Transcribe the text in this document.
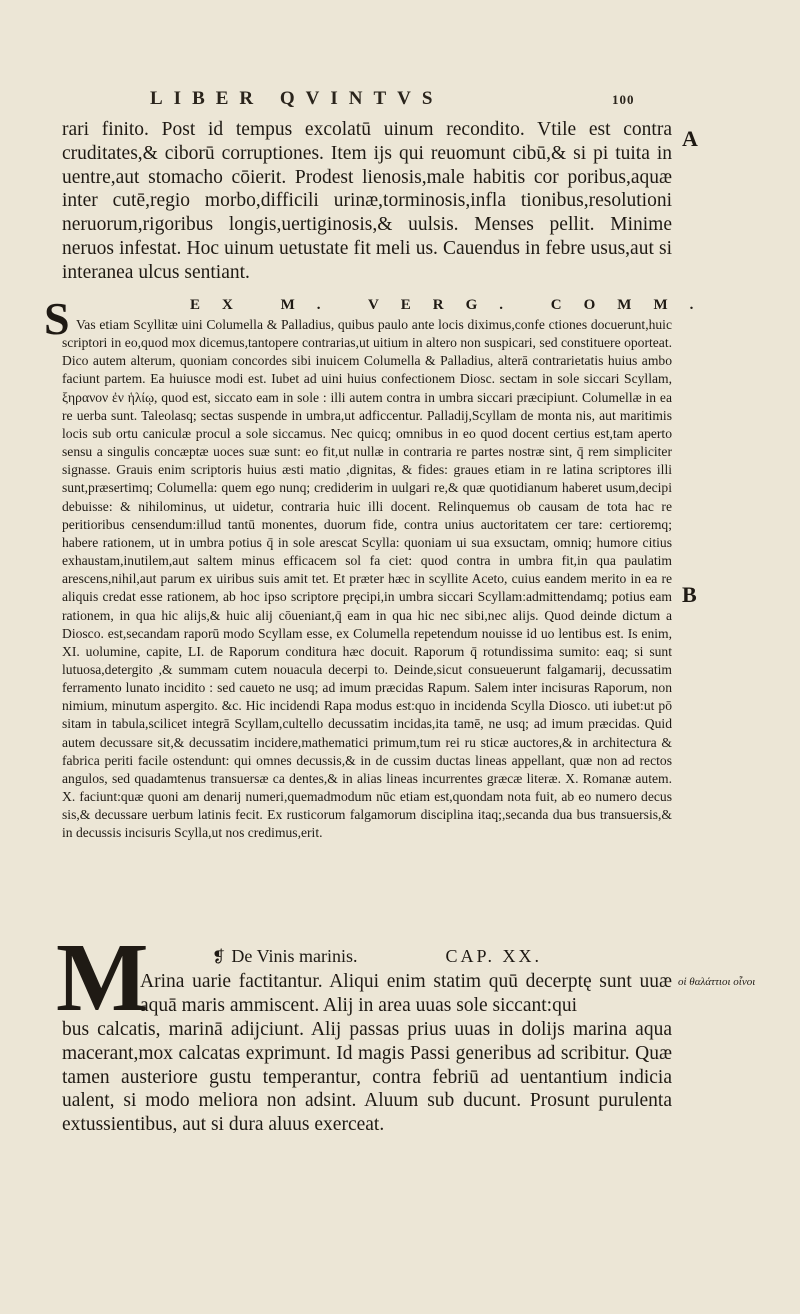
LIBER QVINTVS	100

rari finito. Post id tempus excolatū uinum recondito. Vtile est contra cruditates,& ciborū corruptiones. Item ijs qui reuomunt cibū,& si pi tuita in uentre,aut stomacho cōierit. Prodest lienosis,male habitis cor poribus,aquæ inter cutē,regio morbo,difficili urinæ,torminosis,infla tionibus,resolutioni neruorum,rigoribus longis,uertiginosis,& uulsis. Menses pellit. Minime neruos infestat. Hoc uinum uetustate fit meli us. Cauendus in febre usus,aut si interanea ulcus sentiant.

A
S	EX M. VERG. COMM.

Vas etiam Scyllitæ uini Columella & Palladius, quibus paulo ante locis diximus,confe ctiones docuerunt,huic scriptori in eo,quod mox dicemus,tantopere contrarias,ut uitium in altero non suspicari, sed constituere oporteat. Dico autem alterum, quoniam concordes sibi inuicem Columella & Palladius, alterā contrarietatis huius ambo faciunt partem. Ea huiusce modi est. Iubet ad uini huius confectionem Diosc. sectam in sole siccari Scyllam, ξηρανον ἐν ἡλίῳ, quod est, siccato eam in sole : illi autem contra in umbra siccari præcipiunt. Columellæ in ea re uerba sunt. Taleolasq; sectas suspende in umbra,ut adficcentur. Palladij,Scyllam de monta nis, aut maritimis locis sub ortu caniculæ procul a sole siccamus. Nec quicq; omnibus in eo quod docent certius est,tam aperto sensu a singulis concæptæ uoces suæ sunt: eo fit,ut nullæ in contraria re partes nostræ sint, q̄ rem simpliciter signasse. Grauis enim scriptoris huius æsti matio ,dignitas, & fides: graues etiam in re latina scriptores illi sunt,præsertimq; Columella: quem ego nunq; crediderim in uulgari re,& quæ quotidianum haberet usum,decipi debuisse: & nihilominus, ut uidetur, contraria huic illi docent. Relinquemus ob causam de tota hac re peritioribus censendum:illud tantū monentes, duorum fide, contra unius auctoritatem cer tare: certioremq; habere rationem, ut in umbra potius q̄ in sole arescat Scylla: quoniam ui sua exsuctam, omniq; humore citius exhaustam,inutilem,aut saltem minus efficacem sol fa ciet: quod contra in umbra fit,in qua paulatim arescens,nihil,aut parum ex uiribus suis amit tet. Et præter hæc in scyllite Aceto, cuius eandem merito in ea re aliquis credat esse rationem, ab hoc ipso scriptore pręcipi,in umbra siccari Scyllam:admittendamq; potius eam rationem, in qua hic alijs,& huic alij cōueniant,q̄ eam in qua hic nec sibi,nec alijs. Quod deinde dictum a Diosco. est,secandam raporū modo Scyllam esse, ex Columella repetendum nouisse id uo lentibus est. Is enim, XI. uolumine, capite, LI. de Raporum conditura hæc docuit. Raporum q̄ rotundissima sumito: eaq; si sunt lutuosa,detergito ,& summam cutem nouacula decerpi to. Deinde,sicut consueuerunt falgamarij, decussatim ferramento lunato incidito : sed caueto ne usq; ad imum præcidas Rapum. Salem inter incisuras Raporum, non nimium, minutum aspergito. &c. Hic incidendi Rapa modus est:quo in incidenda Scylla Diosco. uti iubet:ut pō sitam in tabula,scilicet integrā Scyllam,cultello decussatim incidas,ita tamē, ne usq; ad imum præcidas. Quid autem decussare sit,& decussatim incidere,mathematici primum,tum rei ru sticæ auctores,& in architectura & fabrica periti facile ostendunt: qui omnes decussis,& in de cussim ductas lineas appellant, quæ non ad rectos angulos, sed quadamtenus transuersæ ca dentes,& in alias lineas incurrentes græcæ literæ. X. Romanæ autem. X. faciunt:quæ quoni am denarij numeri,quemadmodum nūc etiam est,quondam nota fuit, ab eo numero decus sis,& decussare uerbum latinis fecit. Ex rusticorum falgamorum disciplina itaq;,secanda dua bus transuersis,& in decussis incisuris Scylla,ut nos credimus,erit.

B
M	❡ De Vinis marinis.	CAP. XX.

Arina uarie factitantur. Aliqui enim statim quū decerptę sunt uuæ aquā maris ammiscent. Alij in area uuas sole siccant:qui

οἱ θαλάττιοι οἶνοι

bus calcatis, marinā adijciunt. Alij passas prius uuas in dolijs marina aqua macerant,mox calcatas exprimunt. Id magis Passi generibus ad scribitur. Quæ tamen austeriore gustu temperantur, contra febriū ad uentantium indicia ualent, si modo meliora non adsint. Aluum sub ducunt. Prosunt purulenta extussientibus, aut si dura aluus exerceat.
